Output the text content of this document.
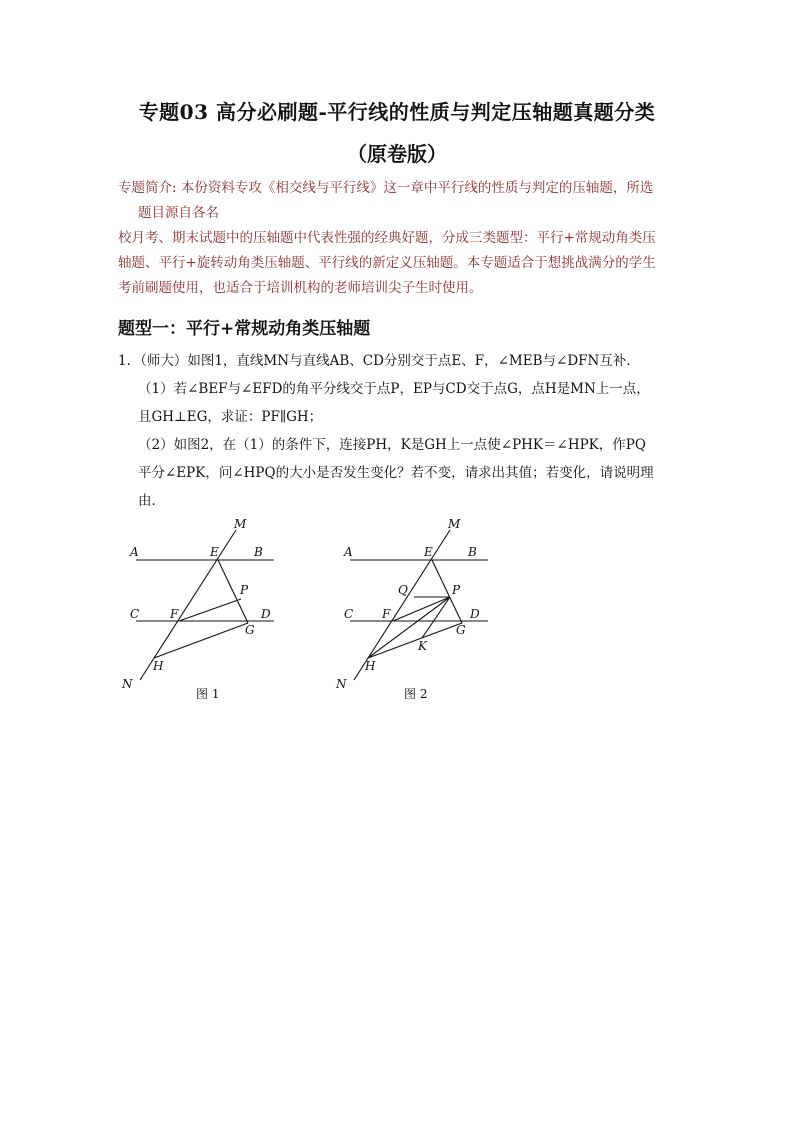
专题03 高分必刷题-平行线的性质与判定压轴题真题分类
（原卷版）

专题简介: 本份资料专攻《相交线与平行线》这一章中平行线的性质与判定的压轴题，所选

题目源自各名

校月考、期末试题中的压轴题中代表性强的经典好题，分成三类题型：平行+常规动角类压

轴题、平行+旋转动角类压轴题、平行线的新定义压轴题。本专题适合于想挑战满分的学生

考前刷题使用，也适合于培训机构的老师培训尖子生时使用。

题型一：平行+常规动角类压轴题

1．（师大）如图1，直线MN与直线AB、CD分别交于点E、F，∠MEB与∠DFN互补．

（1）若∠BEF与∠EFD的角平分线交于点P，EP与CD交于点G，点H是MN上一点，

且GH⊥EG，求证：PF∥GH；

（2）如图2，在（1）的条件下，连接PH，K是GH上一点使∠PHK＝∠HPK，作PQ

平分∠EPK，问∠HPQ的大小是否发生变化？若不变，请求出其值；若变化，请说明理

由．

M
A	E	B
P
C	F	D
G
H
N
图 1
M
A	E	B
Q	P
C F	D
G
K
H
N
图 2
